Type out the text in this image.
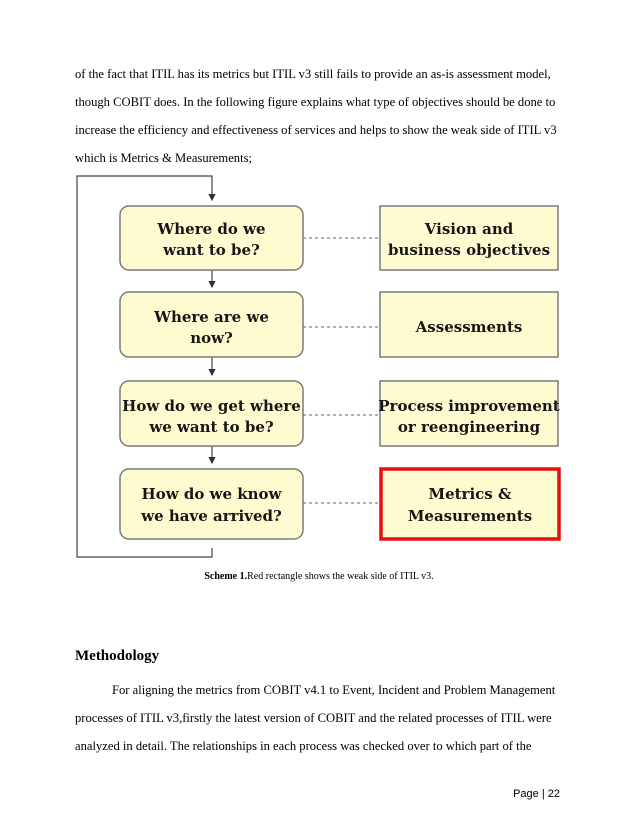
of the fact that ITIL has its metrics but ITIL v3 still fails to provide an as-is assessment model, though COBIT does. In the following figure explains what type of objectives should be done to increase the efficiency and effectiveness of services and helps to show the weak side of ITIL v3 which is Metrics & Measurements;

Where do we
want to be?
Where are we
now?
How do we get where
we want to be?
How do we know
we have arrived?
Vision and
business objectives
Assessments
Process improvement
or reengineering
Metrics &
Measurements

Scheme 1.Red rectangle shows the weak side of ITIL v3.

Methodology

For aligning the metrics from COBIT v4.1 to Event, Incident and Problem Management processes of ITIL v3,firstly the latest version of COBIT and the related processes of ITIL were analyzed in detail. The relationships in each process was checked over to which part of the

Page | 22
